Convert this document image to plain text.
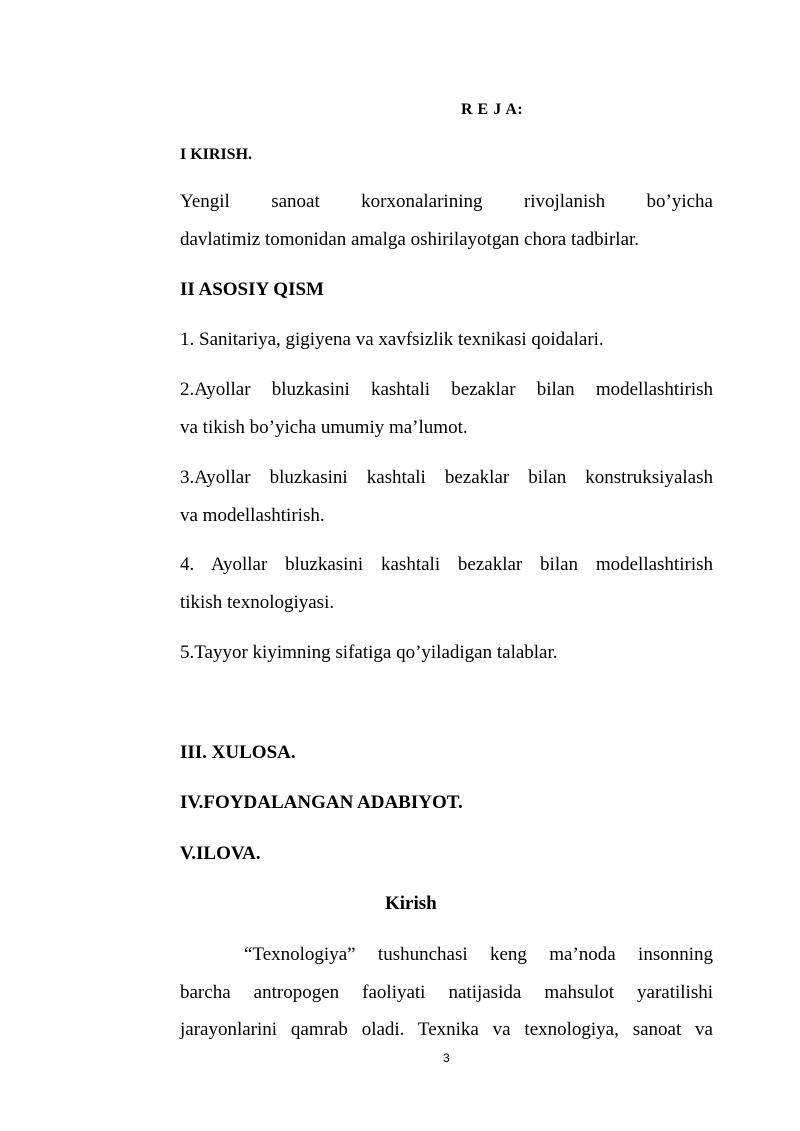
R E J A:
I KIRISH.
Yengil sanoat korxonalarining rivojlanish bo’yicha
davlatimiz tomonidan amalga oshirilayotgan chora tadbirlar.
II ASOSIY QISM
1. Sanitariya, gigiyena va xavfsizlik texnikasi qoidalari.
2.Ayollar bluzkasini kashtali bezaklar bilan modellashtirish
va tikish bo’yicha umumiy ma’lumot.
3.Ayollar bluzkasini kashtali bezaklar bilan konstruksiyalash
va modellashtirish.
4. Ayollar bluzkasini kashtali bezaklar bilan modellashtirish
tikish texnologiyasi.
5.Tayyor kiyimning sifatiga qo’yiladigan talablar.
III. XULOSA.
IV.FOYDALANGAN ADABIYOT.
V.ILOVA.
Kirish
“Texnologiya” tushunchasi keng ma’noda insonning
barcha antropogen faoliyati natijasida mahsulot yaratilishi
jarayonlarini qamrab oladi. Texnika va texnologiya, sanoat va
3
